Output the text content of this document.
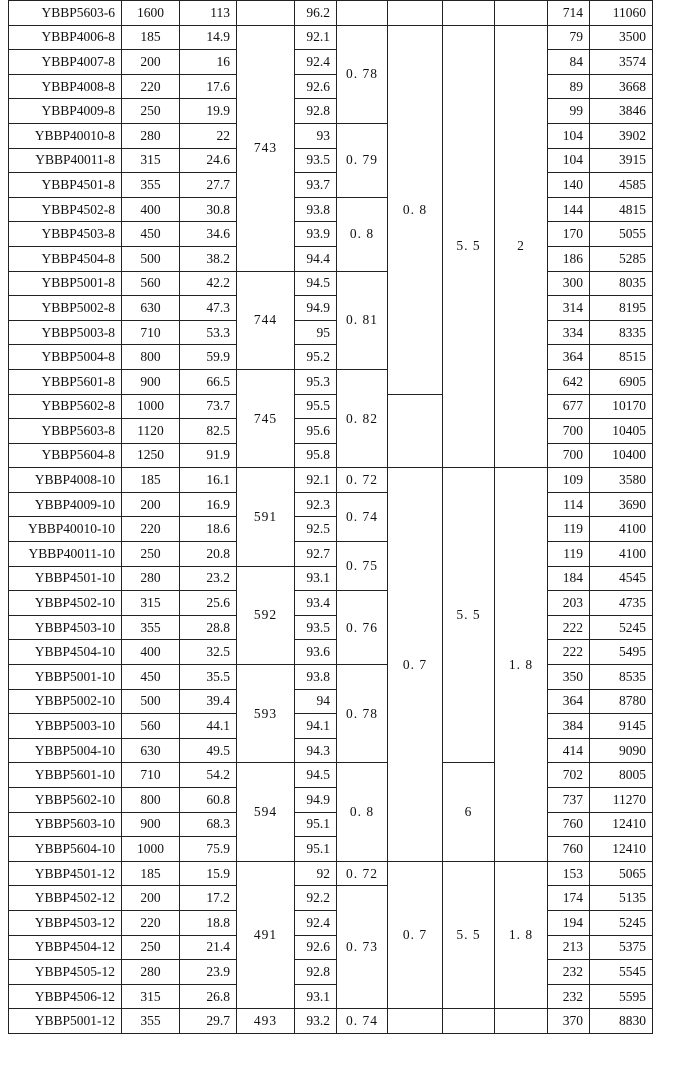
YBBP5603-6	1600	113		96.2					714	11060
YBBP4006-8	185	14.9	743	92.1	0. 78	0. 8	5. 5	2	79	3500
YBBP4007-8	200	16		92.4					84	3574
YBBP4008-8	220	17.6		92.6					89	3668
YBBP4009-8	250	19.9		92.8					99	3846
YBBP40010-8	280	22		93	0. 79				104	3902
YBBP40011-8	315	24.6		93.5					104	3915
YBBP4501-8	355	27.7		93.7					140	4585
YBBP4502-8	400	30.8		93.8	0. 8				144	4815
YBBP4503-8	450	34.6		93.9					170	5055
YBBP4504-8	500	38.2		94.4					186	5285
YBBP5001-8	560	42.2	744	94.5	0. 81				300	8035
YBBP5002-8	630	47.3		94.9					314	8195
YBBP5003-8	710	53.3		95					334	8335
YBBP5004-8	800	59.9		95.2					364	8515
YBBP5601-8	900	66.5	745	95.3	0. 82				642	6905
YBBP5602-8	1000	73.7		95.5					677	10170
YBBP5603-8	1120	82.5		95.6					700	10405
YBBP5604-8	1250	91.9		95.8					700	10400
YBBP4008-10	185	16.1	591	92.1	0. 72	0. 7	5. 5	1. 8	109	3580
YBBP4009-10	200	16.9		92.3	0. 74				114	3690
YBBP40010-10	220	18.6		92.5					119	4100
YBBP40011-10	250	20.8		92.7	0. 75				119	4100
YBBP4501-10	280	23.2	592	93.1					184	4545
YBBP4502-10	315	25.6		93.4	0. 76				203	4735
YBBP4503-10	355	28.8		93.5					222	5245
YBBP4504-10	400	32.5		93.6					222	5495
YBBP5001-10	450	35.5	593	93.8	0. 78				350	8535
YBBP5002-10	500	39.4		94					364	8780
YBBP5003-10	560	44.1		94.1					384	9145
YBBP5004-10	630	49.5		94.3					414	9090
YBBP5601-10	710	54.2	594	94.5	0. 8		6		702	8005
YBBP5602-10	800	60.8		94.9					737	11270
YBBP5603-10	900	68.3		95.1					760	12410
YBBP5604-10	1000	75.9		95.1					760	12410
YBBP4501-12	185	15.9	491	92	0. 72	0. 7	5. 5	1. 8	153	5065
YBBP4502-12	200	17.2		92.2	0. 73				174	5135
YBBP4503-12	220	18.8		92.4					194	5245
YBBP4504-12	250	21.4		92.6					213	5375
YBBP4505-12	280	23.9		92.8					232	5545
YBBP4506-12	315	26.8		93.1					232	5595
YBBP5001-12	355	29.7	493	93.2	0. 74				370	8830
